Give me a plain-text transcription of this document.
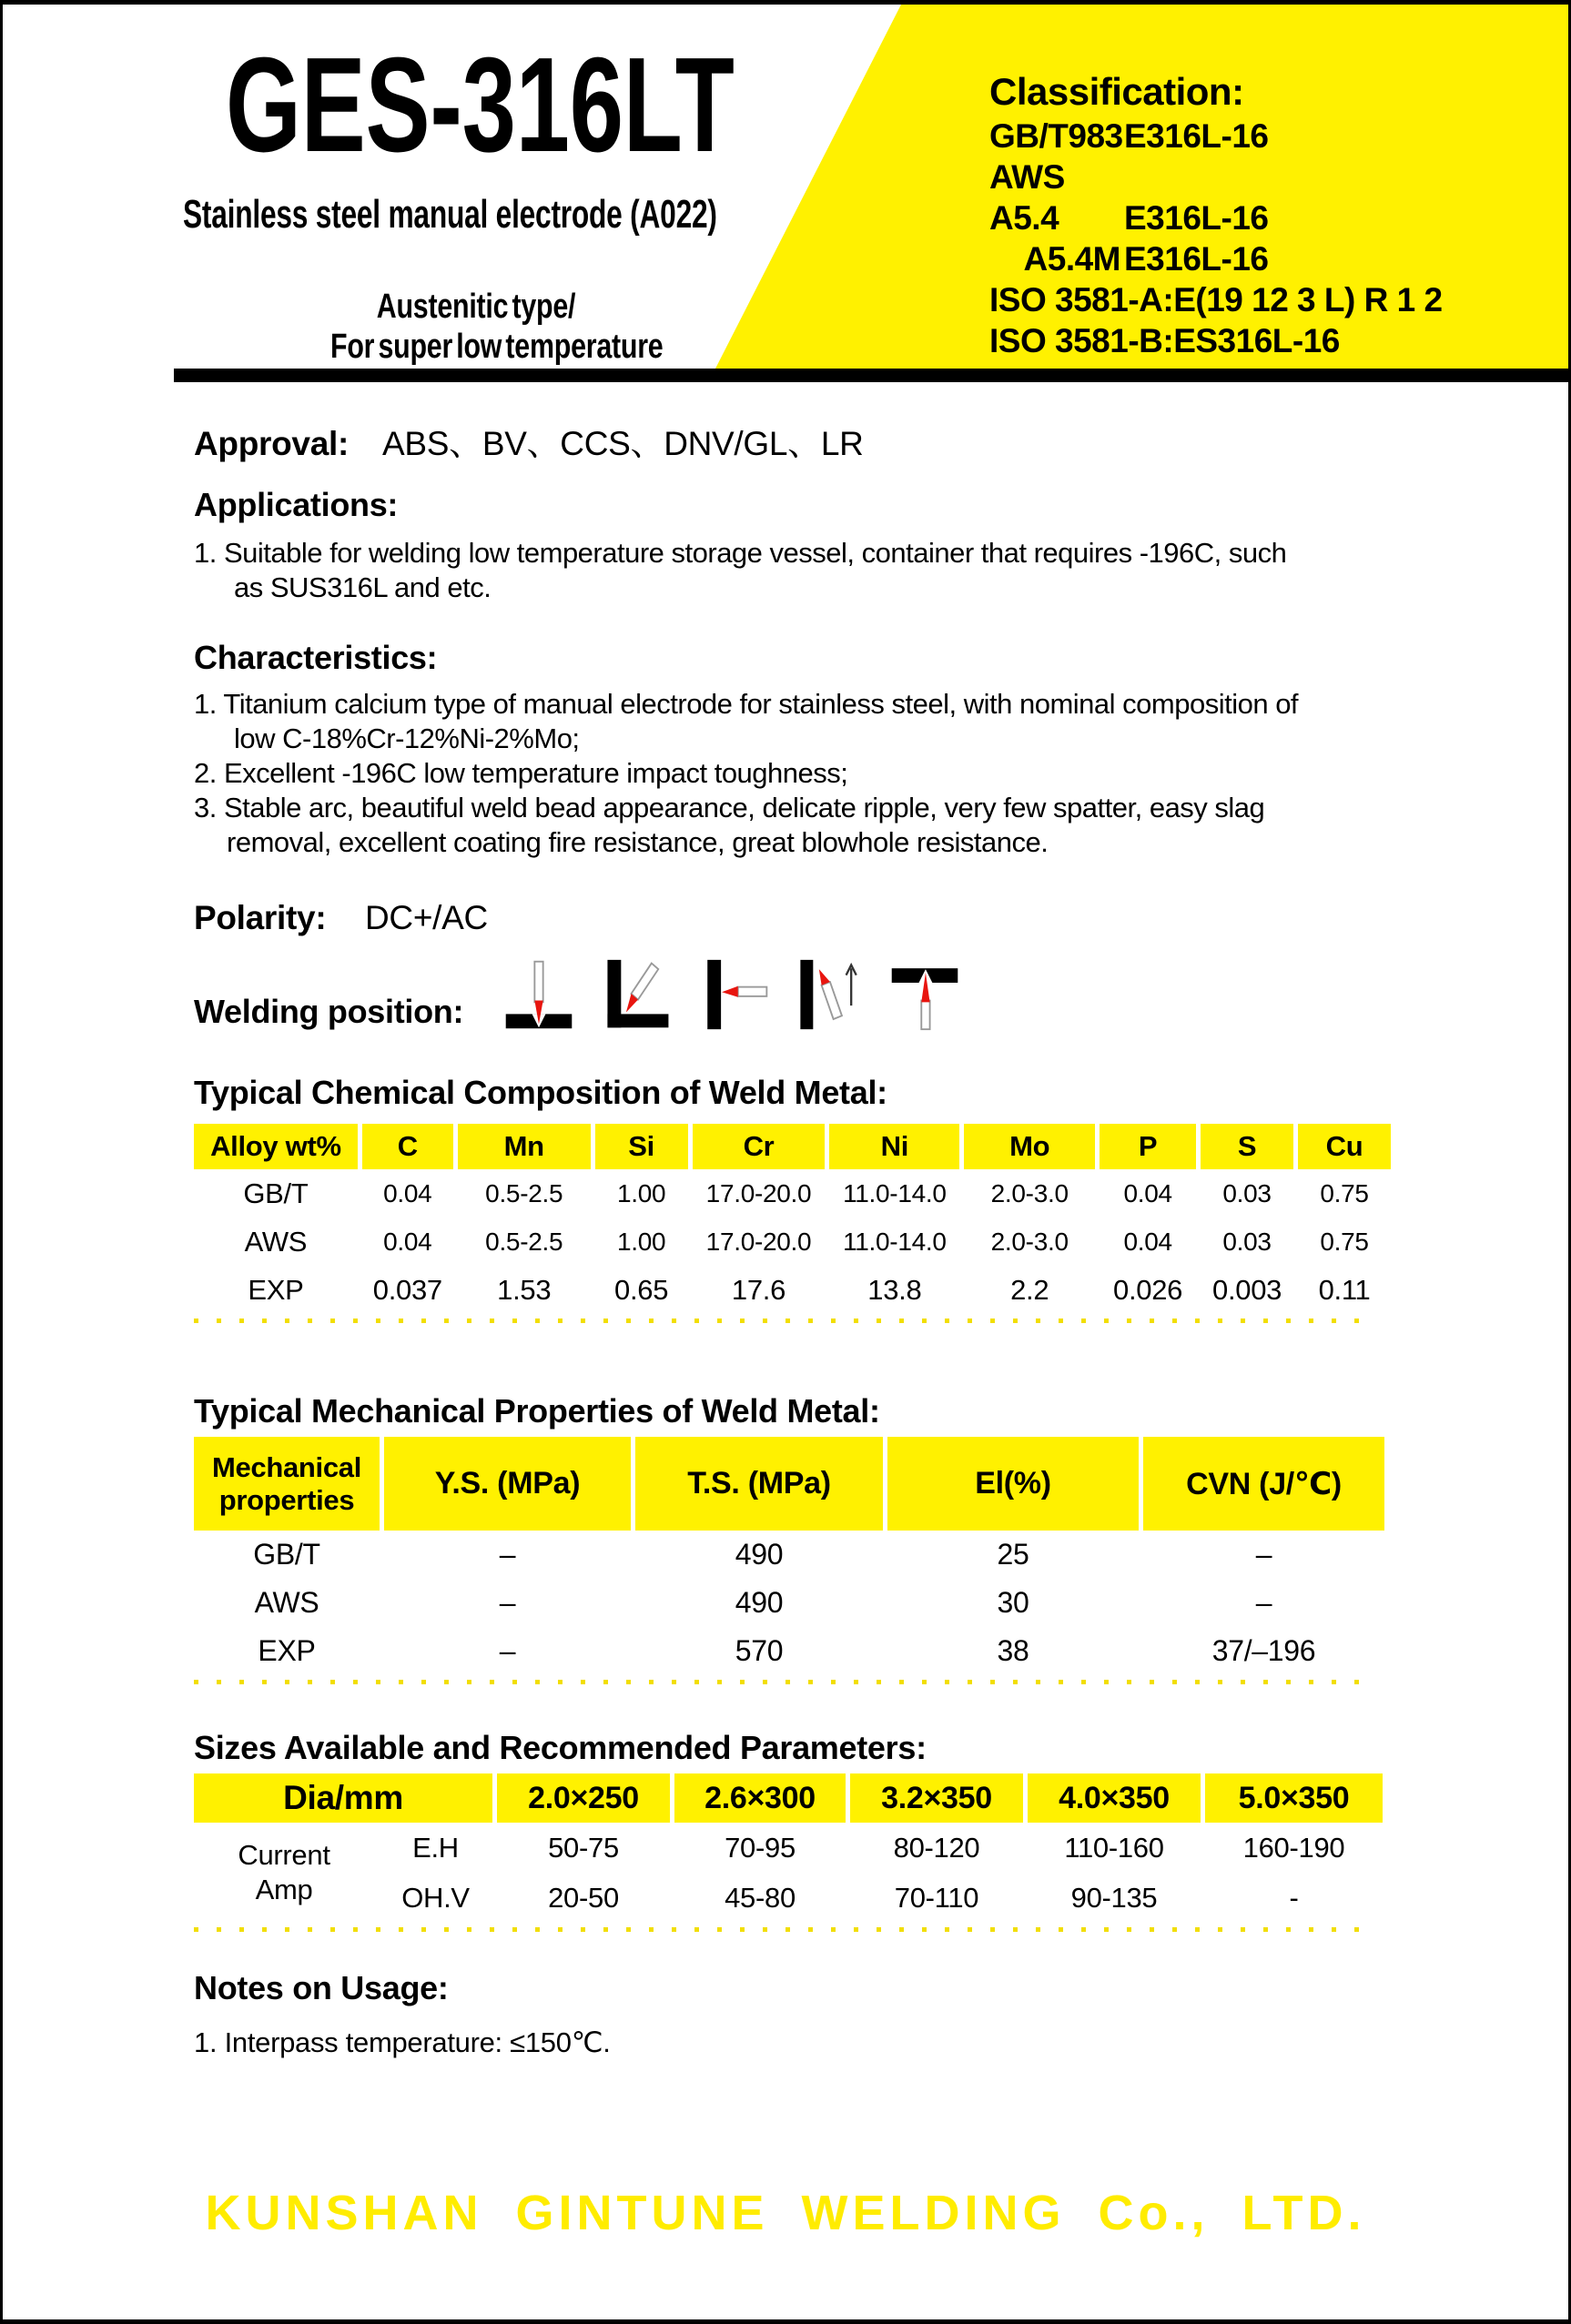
GES-316LT
Stainless steel manual electrode (A022)
Austenitic type/
For super low temperature
Classification:
GB/T983E316L-16
AWS A5.4 E316L-16
A5.4M E316L-16
ISO 3581-A:E(19 12 3 L) R 1 2
ISO 3581-B:ES316L-16
Approval: ABS、BV、CCS、DNV/GL、LR
Applications:
1. Suitable for welding low temperature storage vessel, container that requires -196C, such
as SUS316L and etc.
Characteristics:
1. Titanium calcium type of manual electrode for stainless steel, with nominal composition of
low C-18%Cr-12%Ni-2%Mo;
2. Excellent -196C low temperature impact toughness;
3. Stable arc, beautiful weld bead appearance, delicate ripple, very few spatter, easy slag
removal, excellent coating fire resistance, great blowhole resistance.
Polarity: DC+/AC
Welding position:
Typical Chemical Composition of Weld Metal:
Alloy wt%	C	Mn	Si	Cr	Ni	Mo	P	S	Cu
GB/T	0.04	0.5-2.5	1.00	17.0-20.0	11.0-14.0	2.0-3.0	0.04	0.03	0.75
AWS	0.04	0.5-2.5	1.00	17.0-20.0	11.0-14.0	2.0-3.0	0.04	0.03	0.75
EXP	0.037	1.53	0.65	17.6	13.8	2.2	0.026	0.003	0.11
Typical Mechanical Properties of Weld Metal:
Mechanical properties	Y.S. (MPa)	T.S. (MPa)	El(%)	CVN (J/℃)
GB/T	–	490	25	–
AWS	–	490	30	–
EXP	–	570	38	37/–196
Sizes Available and Recommended Parameters:
Dia/mm		2.0×250	2.6×300	3.2×350	4.0×350	5.0×350

Current
Amp	E.H	50-75	70-95	80-120	110-160	160-190
	OH.V	20-50	45-80	70-110	90-135	-
Notes on Usage:
1. Interpass temperature: ≤150℃.
KUNSHAN GINTUNE WELDING Co., LTD.
